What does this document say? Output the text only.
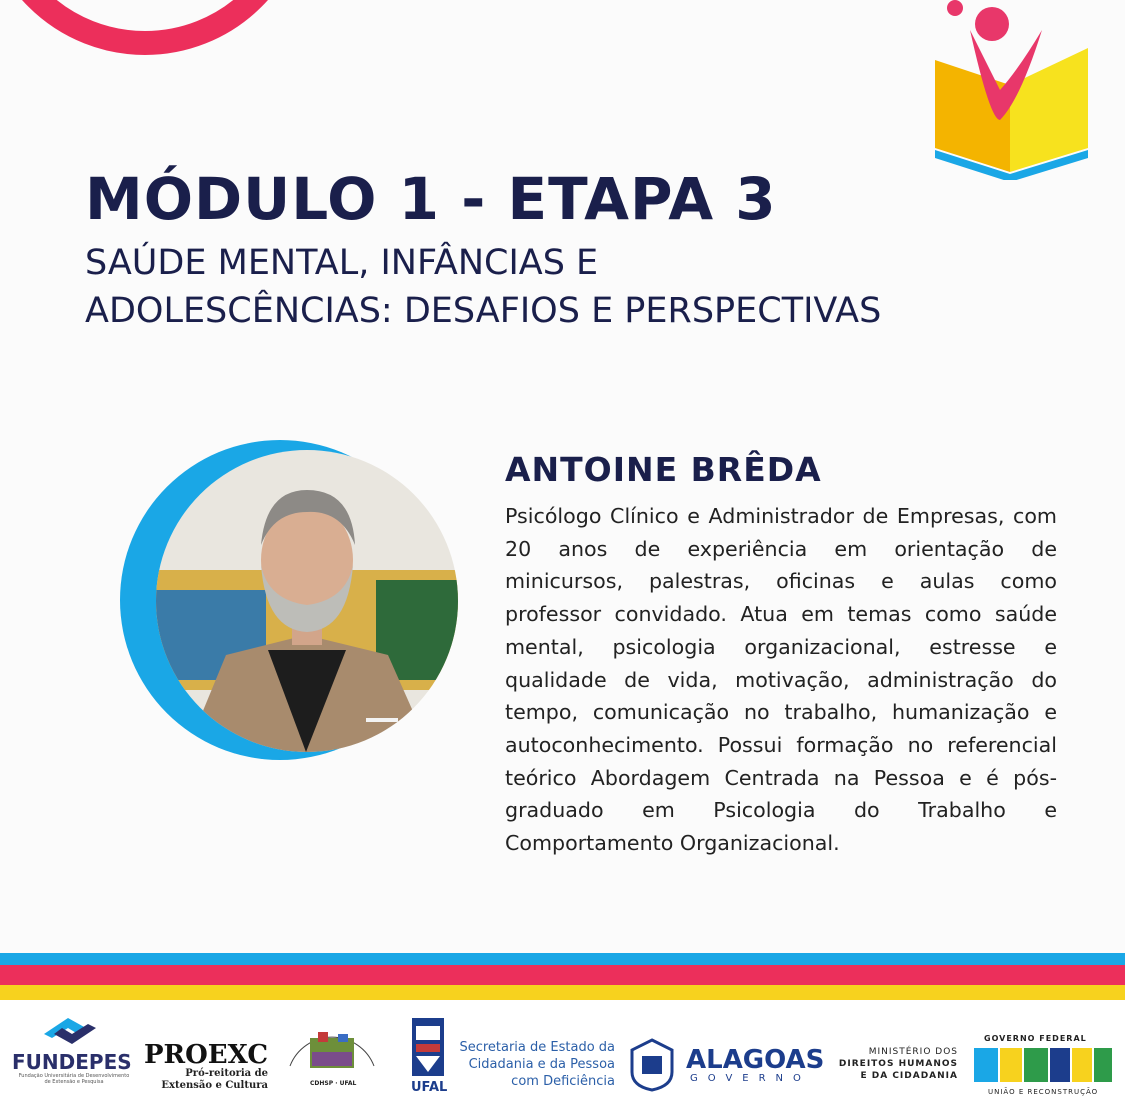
MÓDULO 1 - ETAPA 3
SAÚDE MENTAL, INFÂNCIAS E
ADOLESCÊNCIAS: DESAFIOS E PERSPECTIVAS
ANTOINE BRÊDA

Psicólogo Clínico e Administrador de Empresas, com 20 anos de experiência em orientação de minicursos, palestras, oficinas e aulas como professor convidado. Atua em temas como saúde mental, psicologia organizacional, estresse e qualidade de vida, motivação, administração do tempo, comunicação no trabalho, humanização e autoconhecimento. Possui formação no referencial teórico Abordagem Centrada na Pessoa e é pós-graduado em Psicologia do Trabalho e Comportamento Organizacional.

FUNDEPES
Fundação Universitária de Desenvolvimento de Extensão e Pesquisa
PROEXC
Pró-reitoria de Extensão e Cultura	CDHSP · UFAL	UFAL
Secretaria de Estado da Cidadania e da Pessoa com Deficiência
ALAGOAS
GOVERNO
MINISTÉRIO DOS
DIREITOS HUMANOS
E DA CIDADANIA
GOVERNO FEDERAL
UNIÃO E RECONSTRUÇÃO
